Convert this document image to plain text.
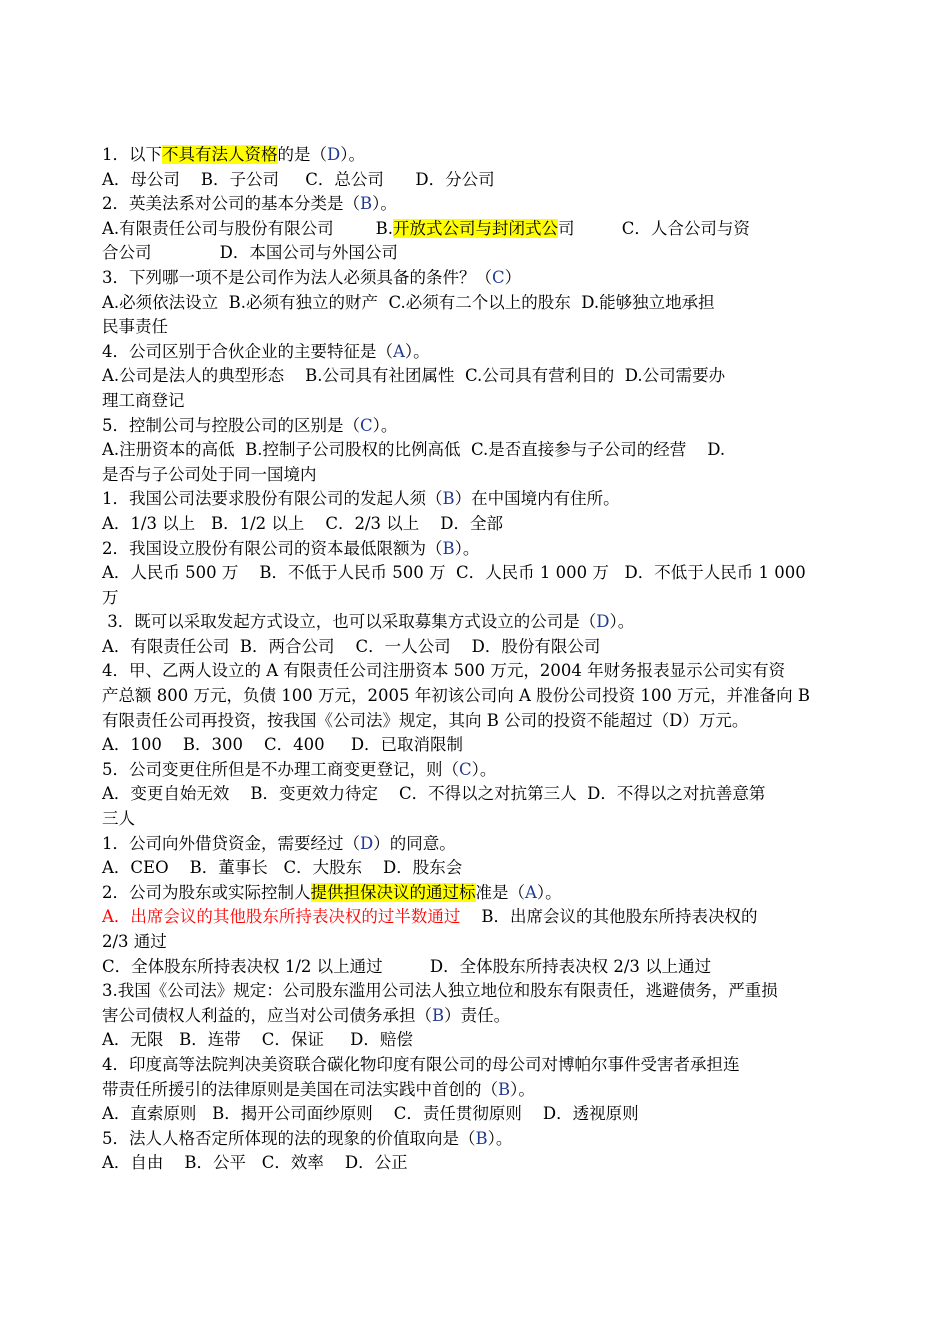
1．以下不具有法人资格的是（D）。

A．母公司    B．子公司     C．总公司      D．分公司

2．英美法系对公司的基本分类是（B）。

A.有限责任公司与股份有限公司        B.开放式公司与封闭式公司         C．人合公司与资

合公司             D．本国公司与外国公司

3．下列哪一项不是公司作为法人必须具备的条件？（C）

A.必须依法设立  B.必须有独立的财产  C.必须有二个以上的股东  D.能够独立地承担

民事责任

4．公司区别于合伙企业的主要特征是（A）。

A.公司是法人的典型形态    B.公司具有社团属性  C.公司具有营利目的  D.公司需要办

理工商登记

5．控制公司与控股公司的区别是（C）。

A.注册资本的高低  B.控制子公司股权的比例高低  C.是否直接参与子公司的经营    D.

是否与子公司处于同一国境内

1．我国公司法要求股份有限公司的发起人须（B）在中国境内有住所。

A．1/3 以上   B．1/2 以上    C．2/3 以上    D．全部

2．我国设立股份有限公司的资本最低限额为（B）。

A．人民币 500 万    B．不低于人民币 500 万  C．人民币 1 000 万   D．不低于人民币 1 000

万

3．既可以采取发起方式设立，也可以采取募集方式设立的公司是（D）。

A．有限责任公司  B．两合公司    C．一人公司    D．股份有限公司

4．甲、乙两人设立的 A 有限责任公司注册资本 500 万元，2004 年财务报表显示公司实有资

产总额 800 万元，负债 100 万元，2005 年初该公司向 A 股份公司投资 100 万元，并准备向 B

有限责任公司再投资，按我国《公司法》规定，其向 B 公司的投资不能超过（D）万元。

A．100    B．300    C．400     D．已取消限制

5．公司变更住所但是不办理工商变更登记，则（C）。

A．变更自始无效    B．变更效力待定    C．不得以之对抗第三人  D．不得以之对抗善意第

三人

1．公司向外借贷资金，需要经过（D）的同意。

A．CEO    B．董事长   C．大股东    D．股东会

2．公司为股东或实际控制人提供担保决议的通过标准是（A）。

A．出席会议的其他股东所持表决权的过半数通过    B．出席会议的其他股东所持表决权的

2/3 通过

C．全体股东所持表决权 1/2 以上通过         D．全体股东所持表决权 2/3 以上通过

3.我国《公司法》规定：公司股东滥用公司法人独立地位和股东有限责任，逃避债务，严重损

害公司债权人利益的，应当对公司债务承担（B）责任。

A．无限   B．连带    C．保证     D．赔偿

4．印度高等法院判决美资联合碳化物印度有限公司的母公司对博帕尔事件受害者承担连

带责任所援引的法律原则是美国在司法实践中首创的（B）。

A．直索原则   B．揭开公司面纱原则    C．责任贯彻原则    D．透视原则

5．法人人格否定所体现的法的现象的价值取向是（B）。

A．自由    B．公平   C．效率    D．公正
